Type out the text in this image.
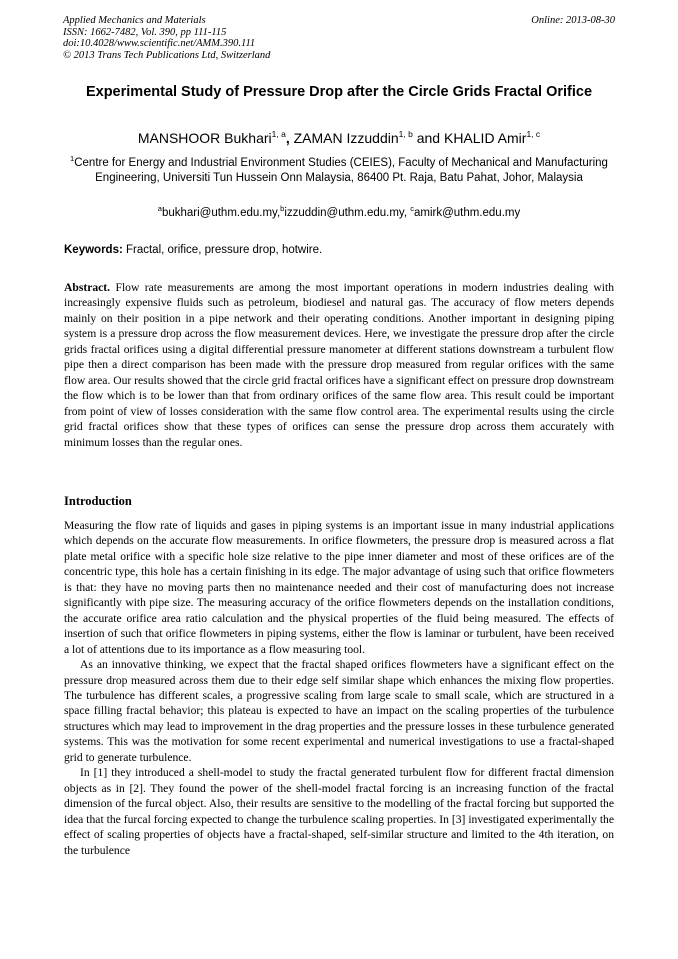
Applied Mechanics and Materials
ISSN: 1662-7482, Vol. 390, pp 111-115
doi:10.4028/www.scientific.net/AMM.390.111
© 2013 Trans Tech Publications Ltd, Switzerland
Online: 2013-08-30
Experimental Study of Pressure Drop after the Circle Grids Fractal Orifice
MANSHOOR Bukhari$^{1, a}$, ZAMAN Izzuddin$^{1, b}$ and KHALID Amir$^{1, c}$
$^1$Centre for Energy and Industrial Environment Studies (CEIES), Faculty of Mechanical and Manufacturing Engineering, Universiti Tun Hussein Onn Malaysia, 86400 Pt. Raja, Batu Pahat, Johor, Malaysia
$^a$bukhari@uthm.edu.my,$^b$izzuddin@uthm.edu.my, $^c$amirk@uthm.edu.my
Keywords: Fractal, orifice, pressure drop, hotwire.
Abstract. Flow rate measurements are among the most important operations in modern industries dealing with increasingly expensive fluids such as petroleum, biodiesel and natural gas. The accuracy of flow meters depends mainly on their position in a pipe network and their operating conditions. Another important in designing piping system is a pressure drop across the flow measurement devices. Here, we investigate the pressure drop after the circle grids fractal orifices using a digital differential pressure manometer at different stations downstream a turbulent flow pipe then a direct comparison has been made with the pressure drop measured from regular orifices with the same flow area. Our results showed that the circle grid fractal orifices have a significant effect on pressure drop downstream the flow which is to be lower than that from ordinary orifices of the same flow area. This result could be important from point of view of losses consideration with the same flow control area. The experimental results using the circle grid fractal orifices show that these types of orifices can sense the pressure drop across them accurately with minimum losses than the regular ones.
Introduction

Measuring the flow rate of liquids and gases in piping systems is an important issue in many industrial applications which depends on the accurate flow measurements. In orifice flowmeters, the pressure drop is measured across a flat plate metal orifice with a specific hole size relative to the pipe inner diameter and most of these orifices are of the concentric type, this hole has a certain finishing in its edge. The major advantage of using such that orifice flowmeters is that: they have no moving parts then no maintenance needed and their cost of manufacturing does not increase significantly with pipe size. The measuring accuracy of the orifice flowmeters depends on the installation conditions, the accurate orifice area ratio calculation and the physical properties of the fluid being measured. The effects of insertion of such that orifice flowmeters in piping systems, either the flow is laminar or turbulent, have been received a lot of attentions due to its importance as a flow measuring tool.

As an innovative thinking, we expect that the fractal shaped orifices flowmeters have a significant effect on the pressure drop measured across them due to their edge self similar shape which enhances the mixing flow properties. The turbulence has different scales, a progressive scaling from large scale to small scale, which are structured in a space filling fractal behavior; this plateau is expected to have an impact on the scaling properties of the turbulence structures which may lead to improvement in the drag properties and the pressure losses in these turbulence generated systems. This was the motivation for some recent experimental and numerical investigations to use a fractal-shaped grid to generate turbulence.

In [1] they introduced a shell-model to study the fractal generated turbulent flow for different fractal dimension objects as in [2]. They found the power of the shell-model fractal forcing is an increasing function of the fractal dimension of the furcal object. Also, their results are sensitive to the modelling of the fractal forcing but supported the idea that the furcal forcing expected to change the turbulence scaling properties. In [3] investigated experimentally the effect of scaling properties of objects have a fractal-shaped, self-similar structure and limited to the 4th iteration, on the turbulence
